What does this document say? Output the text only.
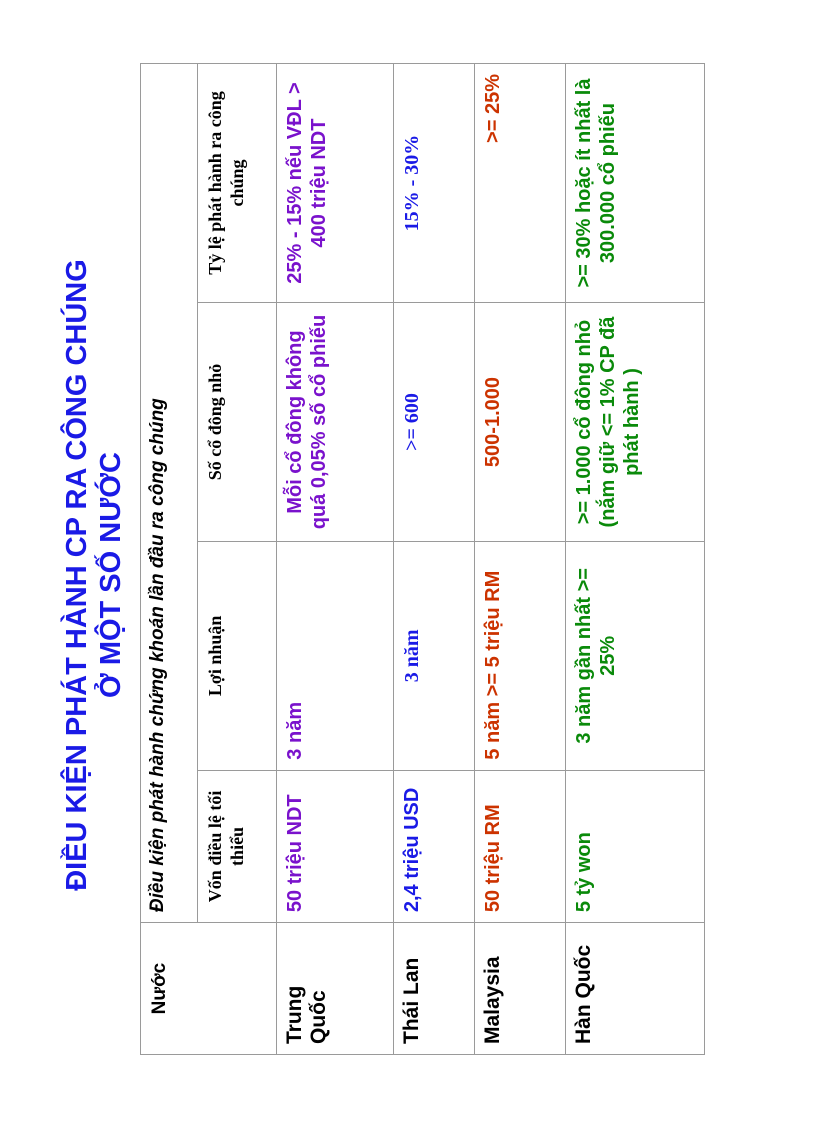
ĐIỀU KIỆN PHÁT HÀNH CP RA CÔNG CHÚNG Ở MỘT SỐ NƯỚC
Nước	Điều kiện phát hành chứng khoán lần đầu ra công chúng			
	Vốn điều lệ tối thiểu	Lợi nhuận	Số cổ đông nhỏ	Tỷ lệ phát hành ra công chúng
Trung Quốc	50 triệu NDT	3 năm	Mỗi cổ đông không quá 0,05% số cổ phiếu	25% - 15% nếu VĐL > 400 triệu NDT
Thái Lan	2,4 triệu USD	3 năm	>= 600	15% - 30%
Malaysia	50 triệu RM	5 năm >= 5 triệu RM	500-1.000	>= 25%
Hàn Quốc	5 tỷ won	3 năm gần nhất >= 25%	>= 1.000 cổ đông nhỏ (nắm giữ <= 1% CP đã phát hành )	>= 30% hoặc ít nhất là 300.000 cổ phiếu
